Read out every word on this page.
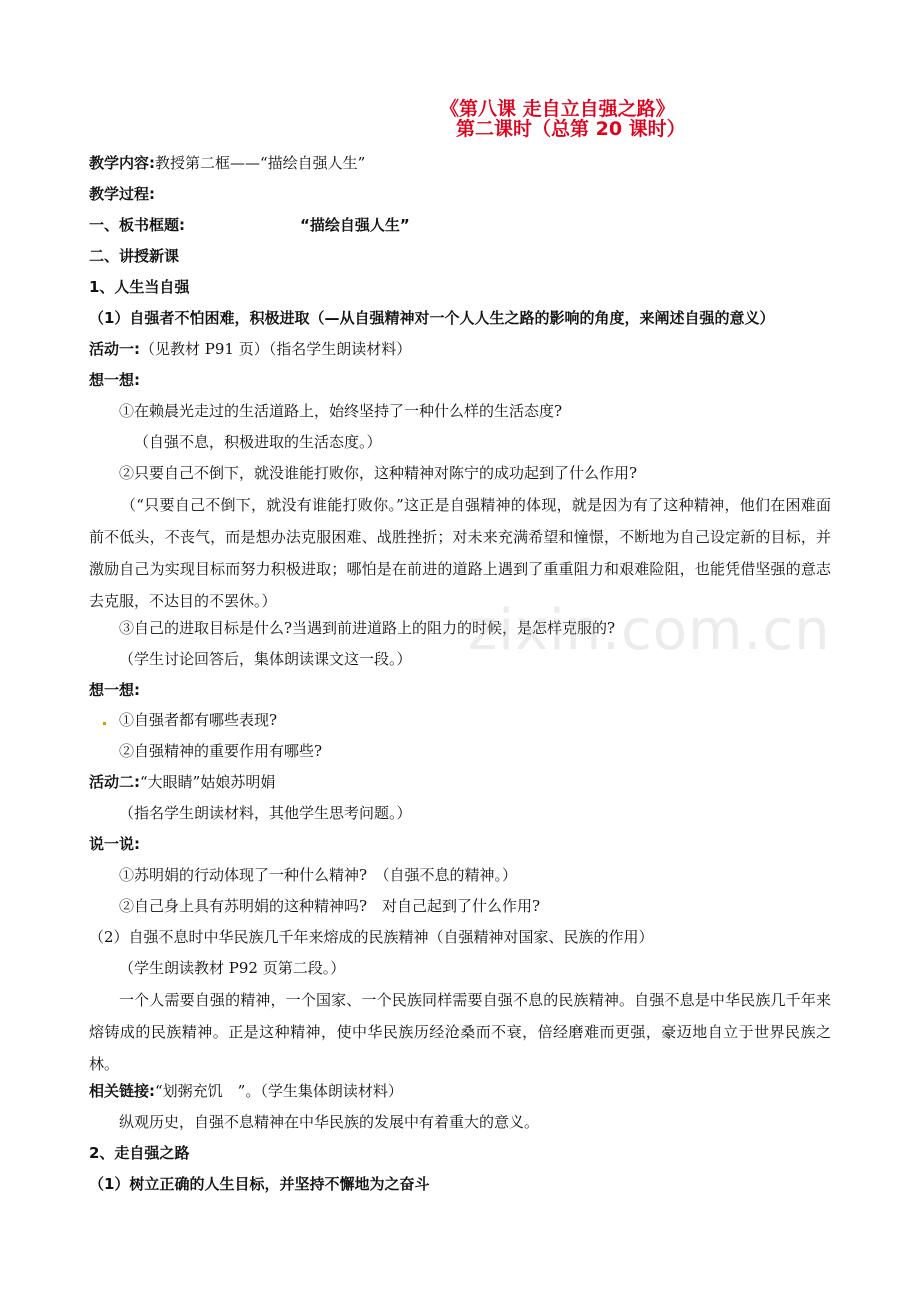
《第八课 走自立自强之路》
第二课时（总第 20 课时）
教学内容:教授第二框——“描绘自强人生”
教学过程:
一、板书框题:	“描绘自强人生”
二、讲授新课
1、人生当自强
（1）自强者不怕困难，积极进取（—从自强精神对一个人人生之路的影响的角度，来阐述自强的意义）
活动一:（见教材 P91 页）（指名学生朗读材料）
想一想:
①在赖晨光走过的生活道路上，始终坚持了一种什么样的生活态度?
（自强不息，积极进取的生活态度。）
②只要自己不倒下，就没谁能打败你，这种精神对陈宁的成功起到了什么作用?
（“只要自己不倒下，就没有谁能打败你。”这正是自强精神的体现，就是因为有了这种精神，他们在困难面前不低头，不丧气，而是想办法克服困难、战胜挫折；对未来充满希望和憧憬，不断地为自己设定新的目标，并激励自己为实现目标而努力积极进取；哪怕是在前进的道路上遇到了重重阻力和艰难险阻，也能凭借坚强的意志去克服，不达目的不罢休。）
③自己的进取目标是什么?当遇到前进道路上的阻力的时候，是怎样克服的?
（学生讨论回答后，集体朗读课文这一段。）
想一想:
①自强者都有哪些表现?
②自强精神的重要作用有哪些?
活动二:“大眼睛”姑娘苏明娟
（指名学生朗读材料，其他学生思考问题。）
说一说:
①苏明娟的行动体现了一种什么精神?　（自强不息的精神。）
②自己身上具有苏明娟的这种精神吗?　对自己起到了什么作用?
（2）自强不息时中华民族几千年来熔成的民族精神（自强精神对国家、民族的作用）
（学生朗读教材 P92 页第二段。）
一个人需要自强的精神，一个国家、一个民族同样需要自强不息的民族精神。自强不息是中华民族几千年来熔铸成的民族精神。正是这种精神，使中华民族历经沧桑而不衰，倍经磨难而更强，豪迈地自立于世界民族之林。
相关链接:“划粥充饥　”。（学生集体朗读材料）
纵观历史，自强不息精神在中华民族的发展中有着重大的意义。
2、走自强之路
（1）树立正确的人生目标，并坚持不懈地为之奋斗
zixin.com.cn
